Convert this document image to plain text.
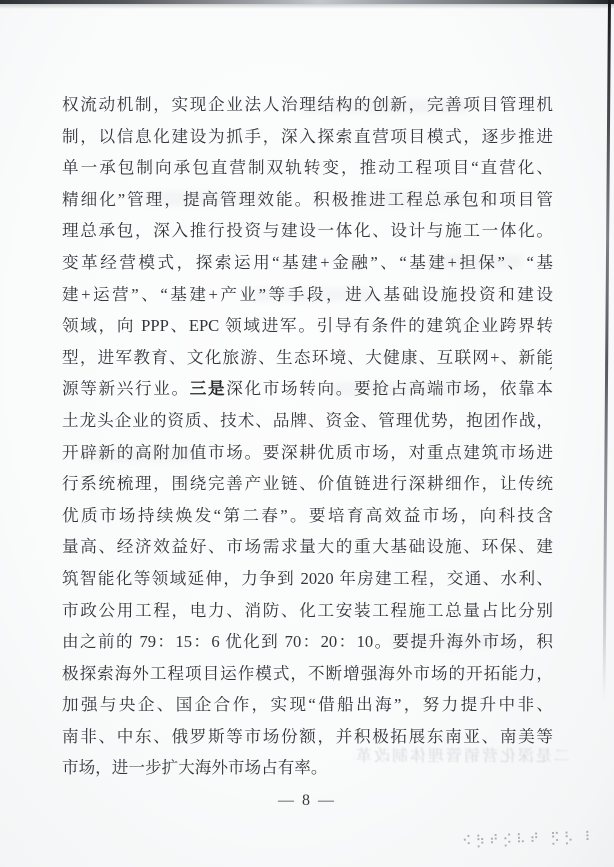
权流动机制，实现企业法人治理结构的创新，完善项目管理机
制，以信息化建设为抓手，深入探索直营项目模式，逐步推进
单一承包制向承包直营制双轨转变，推动工程项目“直营化、
精细化”管理，提高管理效能。积极推进工程总承包和项目管
理总承包，深入推行投资与建设一体化、设计与施工一体化。
变革经营模式，探索运用“基建+金融”、“基建+担保”、“基
建+运营”、“基建+产业”等手段，进入基础设施投资和建设
领域，向 PPP、EPC 领域进军。引导有条件的建筑企业跨界转
型，进军教育、文化旅游、生态环境、大健康、互联网+、新能
源等新兴行业。三是深化市场转向。要抢占高端市场，依靠本
土龙头企业的资质、技术、品牌、资金、管理优势，抱团作战，
开辟新的高附加值市场。要深耕优质市场，对重点建筑市场进
行系统梳理，围绕完善产业链、价值链进行深耕细作，让传统
优质市场持续焕发“第二春”。要培育高效益市场，向科技含
量高、经济效益好、市场需求量大的重大基础设施、环保、建
筑智能化等领域延伸，力争到 2020 年房建工程，交通、水利、
市政公用工程，电力、消防、化工安装工程施工总量占比分别
由之前的 79：15：6 优化到 70：20：10。要提升海外市场，积
极探索海外工程项目运作模式，不断增强海外市场的开拓能力，
加强与央企、国企合作，实现“借船出海”，努力提升中非、
南非、中东、俄罗斯等市场份额，并积极拓展东南亚、南美等
市场，进一步扩大海外市场占有率。
′
二是深化营销管理体制改革
— 8 —
⠪⡳⠞⡪⠧⠞ ⡫⡣ ⠇
